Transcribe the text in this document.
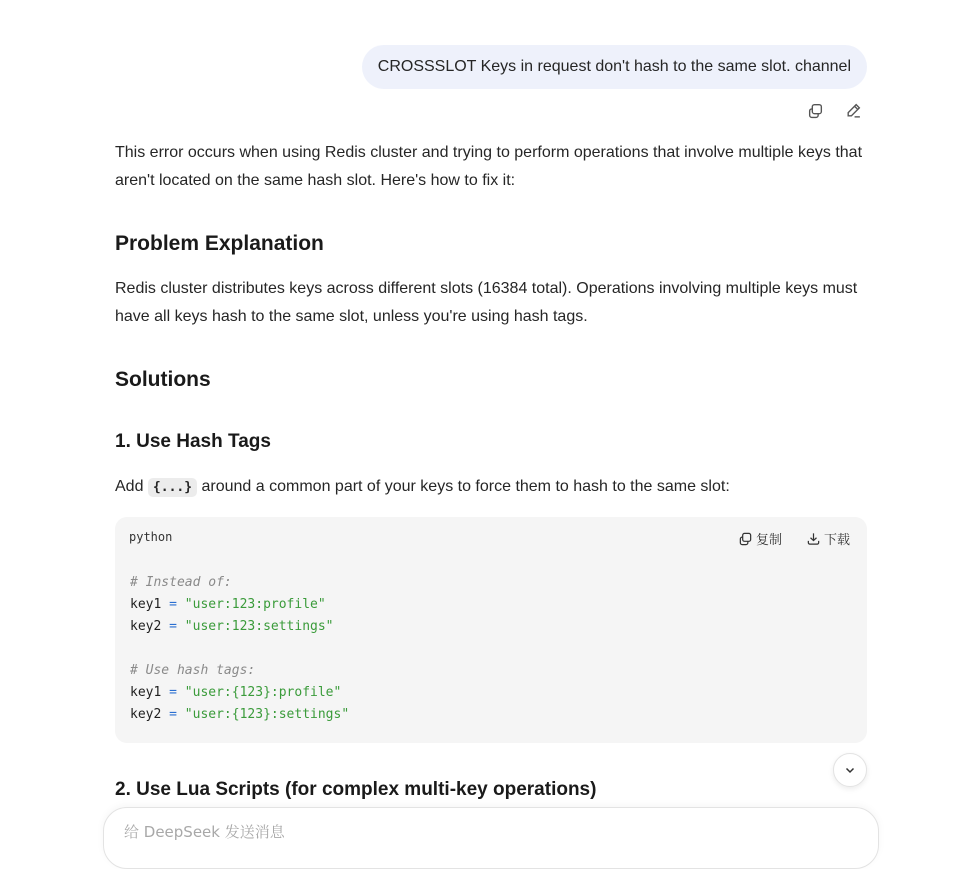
CROSSSLOT Keys in request don't hash to the same slot. channel

This error occurs when using Redis cluster and trying to perform operations that involve multiple keys that aren't located on the same hash slot. Here's how to fix it:

Problem Explanation

Redis cluster distributes keys across different slots (16384 total). Operations involving multiple keys must have all keys hash to the same slot, unless you're using hash tags.

Solutions
1. Use Hash Tags

Add {...} around a common part of your keys to force them to hash to the same slot:

2. Use Lua Scripts (for complex multi-key operations)
python	复制	下载
# Instead of:
key1 = "user:123:profile"
key2 = "user:123:settings"
# Use hash tags:
key1 = "user:{123}:profile"
key2 = "user:{123}:settings"
给 DeepSeek 发送消息
